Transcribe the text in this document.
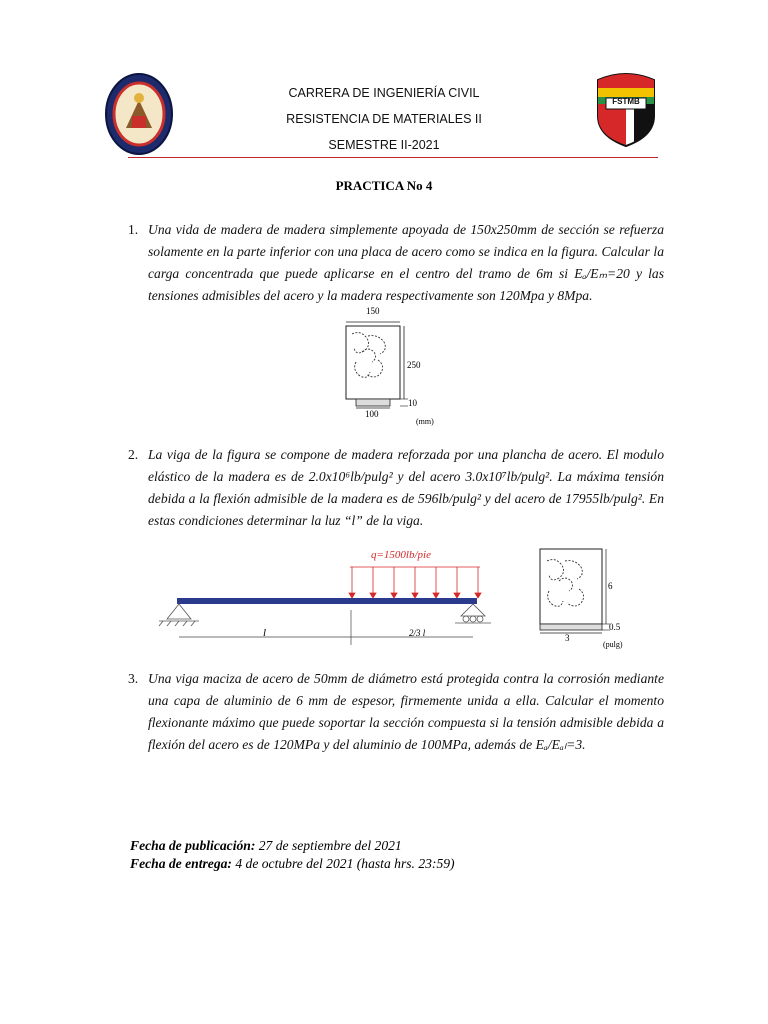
FSTMB
CARRERA DE INGENIERÍA CIVIL
RESISTENCIA DE MATERIALES II
SEMESTRE II-2021
PRACTICA No 4
1. Una vida de madera de madera simplemente apoyada de 150x250mm de sección se refuerza solamente en la parte inferior con una placa de acero como se indica en la figura. Calcular la carga concentrada que puede aplicarse en el centro del tramo de 6m si Eₐ/Eₘ=20 y las tensiones admisibles del acero y la madera respectivamente son 120Mpa y 8Mpa.
150
250
10
100
(mm)
2. La viga de la figura se compone de madera reforzada por una plancha de acero. El modulo elástico de la madera es de 2.0x10⁶lb/pulg² y del acero 3.0x10⁷lb/pulg². La máxima tensión debida a la flexión admisible de la madera es de 596lb/pulg² y del acero de 17955lb/pulg². En estas condiciones determinar la luz “l” de la viga.
q=1500lb/pie
l	2/3 l
6
0.5
3
(pulg)
3. Una viga maciza de acero de 50mm de diámetro está protegida contra la corrosión mediante una capa de aluminio de 6 mm de espesor, firmemente unida a ella. Calcular el momento flexionante máximo que puede soportar la sección compuesta si la tensión admisible debida a flexión del acero es de 120MPa y del aluminio de 100MPa, además de Eₐ/Eₐₗ=3.
Fecha de publicación: 27 de septiembre del 2021
Fecha de entrega: 4 de octubre del 2021 (hasta hrs. 23:59)
